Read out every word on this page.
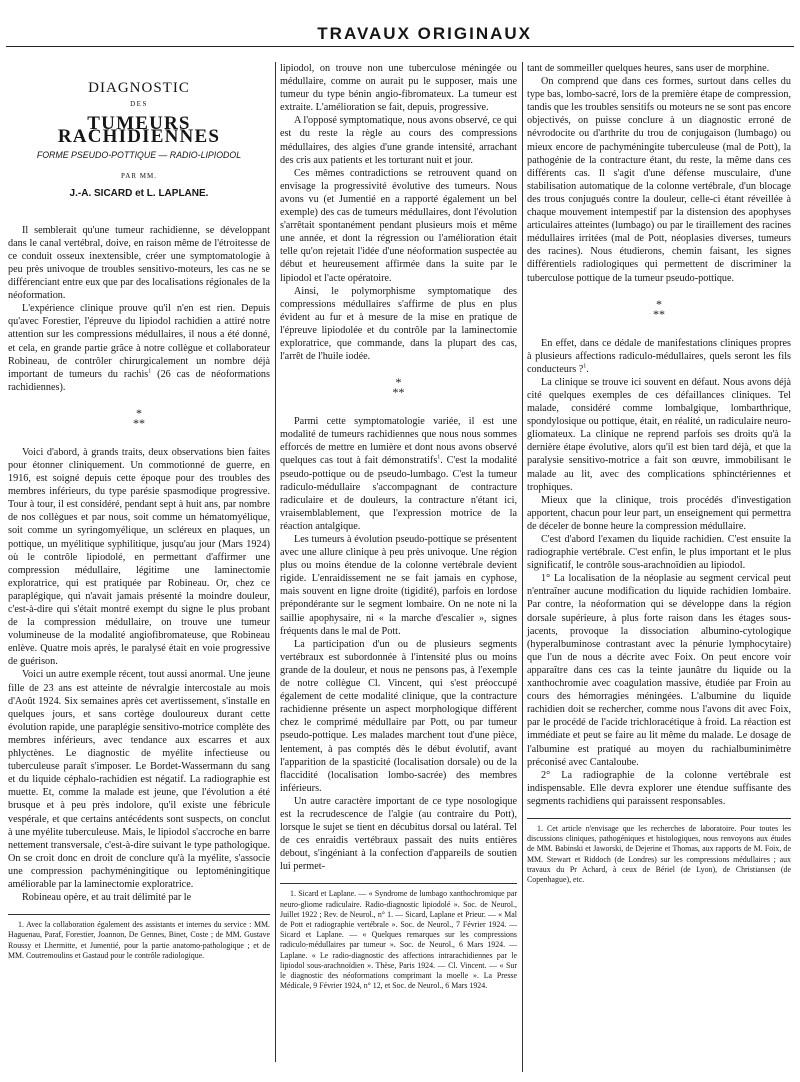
TRAVAUX ORIGINAUX
DIAGNOSTIC
DES
TUMEURS RACHIDIENNES
FORME PSEUDO-POTTIQUE — RADIO-LIPIODOL
PAR MM.
J.-A. SICARD et L. LAPLANE.

Il semblerait qu'une tumeur rachidienne, se développant dans le canal vertébral, doive, en raison même de l'étroitesse de ce conduit osseux inextensible, créer une symptomatologie à peu près univoque de troubles sensitivo-moteurs, les cas ne se différenciant entre eux que par des localisations régionales de la néoformation.

L'expérience clinique prouve qu'il n'en est rien. Depuis qu'avec Forestier, l'épreuve du lipiodol rachidien a attiré notre attention sur les compressions médullaires, il nous a été donné, et cela, en grande partie grâce à notre collègue et collaborateur Robineau, de contrôler chirurgicalement un nombre déjà important de tumeurs du rachis$^1$ (26 cas de néoformations rachidiennes).

*
**

Voici d'abord, à grands traits, deux observations bien faites pour étonner cliniquement. Un commotionné de guerre, en 1916, est soigné depuis cette époque pour des troubles des membres inférieurs, du type parésie spasmodique progressive. Tour à tour, il est considéré, pendant sept à huit ans, par nombre de nos collègues et par nous, soit comme un hématomyélique, soit comme un syringomyélique, un scléreux en plaques, un pottique, un myélitique syphilitique, jusqu'au jour (Mars 1924) où le contrôle lipiodolé, en permettant d'affirmer une compression médullaire, légitime une laminectomie exploratrice, qui est pratiquée par Robineau. Or, chez ce paraplégique, qui n'avait jamais présenté la moindre douleur, c'est-à-dire qui s'était montré exempt du signe le plus probant de la compression médullaire, on trouve une tumeur volumineuse de la modalité angiofibromateuse, que Robineau enlève. Quatre mois après, le paralysé était en voie progressive de guérison.

Voici un autre exemple récent, tout aussi anormal. Une jeune fille de 23 ans est atteinte de névralgie intercostale au mois d'Août 1924. Six semaines après cet avertissement, s'installe en quelques jours, et sans cortège douloureux durant cette évolution rapide, une paraplégie sensitivo-motrice complète des membres inférieurs, avec tendance aux escarres et aux phlyctènes. Le diagnostic de myélite infectieuse ou tuberculeuse paraît s'imposer. Le Bordet-Wassermann du sang et du liquide céphalo-rachidien est négatif. La radiographie est muette. Et, comme la malade est jeune, que l'évolution a été brusque et à peu près indolore, qu'il existe une fébricule vespérale, et que certains antécédents sont suspects, on conclut à une myélite tuberculeuse. Mais, le lipiodol s'accroche en barre nettement transversale, c'est-à-dire suivant le type pathologique. On se croit donc en droit de conclure qu'à la myélite, s'associe une compression pachyméningitique ou leptoméningitique améliorable par la laminectomie exploratrice.

Robineau opère, et au trait délimité par le

1. Avec la collaboration également des assistants et internes du service : MM. Haguenau, Paraf, Forestier, Joannon, De Gennes, Binet, Coste ; de MM. Gustave Roussy et Lhermitte, et Jumentié, pour la partie anatomo-pathologique ; et de MM. Coutremoulins et Gastaud pour le contrôle radiologique.

lipiodol, on trouve non une tuberculose méningée ou médullaire, comme on aurait pu le supposer, mais une tumeur du type bénin angio-fibromateux. La tumeur est extraite. L'amélioration se fait, depuis, progressive.

A l'opposé symptomatique, nous avons observé, ce qui est du reste la règle au cours des compressions médullaires, des algies d'une grande intensité, arrachant des cris aux patients et les torturant nuit et jour.

Ces mêmes contradictions se retrouvent quand on envisage la progressivité évolutive des tumeurs. Nous avons vu (et Jumentié en a rapporté également un bel exemple) des cas de tumeurs médullaires, dont l'évolution s'arrêtait spontanément pendant plusieurs mois et même une année, et dont la régression ou l'amélioration était telle qu'on rejetait l'idée d'une néoformation suspectée au début et heureusement affirmée dans la suite par le lipiodol et l'acte opératoire.

Ainsi, le polymorphisme symptomatique des compressions médullaires s'affirme de plus en plus évident au fur et à mesure de la mise en pratique de l'épreuve lipiodolée et du contrôle par la laminectomie exploratrice, que commande, dans la plupart des cas, l'arrêt de l'huile iodée.

*
**

Parmi cette symptomatologie variée, il est une modalité de tumeurs rachidiennes que nous nous sommes efforcés de mettre en lumière et dont nous avons observé quelques cas tout à fait démonstratifs$^1$. C'est la modalité pseudo-pottique ou de pseudo-lumbago. C'est la tumeur radiculo-médullaire s'accompagnant de contracture radiculaire et de douleurs, la contracture n'étant ici, vraisemblablement, que l'expression motrice de la réaction antalgique.

Les tumeurs à évolution pseudo-pottique se présentent avec une allure clinique à peu près univoque. Une région plus ou moins étendue de la colonne vertébrale devient rigide. L'enraidissement ne se fait jamais en cyphose, mais souvent en ligne droite (tigidité), parfois en lordose prépondérante sur le segment lombaire. On ne note ni la saillie apophysaire, ni « la marche d'escalier », signes fréquents dans le mal de Pott.

La participation d'un ou de plusieurs segments vertébraux est subordonnée à l'intensité plus ou moins grande de la douleur, et nous ne pensons pas, à l'exemple de notre collègue Cl. Vincent, qui s'est préoccupé également de cette modalité clinique, que la contracture rachidienne présente un aspect morphologique différent chez le comprimé médullaire par Pott, ou par tumeur pseudo-pottique. Les malades marchent tout d'une pièce, lentement, à pas comptés dès le début évolutif, avant l'apparition de la spasticité (localisation dorsale) ou de la flaccidité (localisation lombo-sacrée) des membres inférieurs.

Un autre caractère important de ce type nosologique est la recrudescence de l'algie (au contraire du Pott), lorsque le sujet se tient en décubitus dorsal ou latéral. Tel de ces enraidis vertébraux passait des nuits entières debout, s'ingéniant à la confection d'appareils de soutien lui permet-

1. Sicard et Laplane. — « Syndrome de lumbago xanthochromique par neuro-gliome radiculaire. Radio-diagnostic lipiodolé ». Soc. de Neurol., Juillet 1922 ; Rev. de Neurol., n° 1. — Sicard, Laplane et Prieur. — « Mal de Pott et radiographie vertébrale ». Soc. de Neurol., 7 Février 1924. — Sicard et Laplane. — « Quelques remarques sur les compressions radiculo-médullaires par tumeur ». Soc. de Neurol., 6 Mars 1924. — Laplane. « Le radio-diagnostic des affections intrarachidiennes par le lipiodol sous-arachnoïdien ». Thèse, Paris 1924. — Cl. Vincent. — « Sur le diagnostic des néoformations comprimant la moelle ». La Presse Médicale, 9 Février 1924, n° 12, et Soc. de Neurol., 6 Mars 1924.

tant de sommeiller quelques heures, sans user de morphine.

On comprend que dans ces formes, surtout dans celles du type bas, lombo-sacré, lors de la première étape de compression, tandis que les troubles sensitifs ou moteurs ne se sont pas encore objectivés, on puisse conclure à un diagnostic erroné de névrodocite ou d'arthrite du trou de conjugaison (lumbago) ou mieux encore de pachyméningite tuberculeuse (mal de Pott), la pathogénie de la contracture étant, du reste, la même dans ces différents cas. Il s'agit d'une défense musculaire, d'une stabilisation automatique de la colonne vertébrale, d'un blocage des trous conjugués contre la douleur, celle-ci étant réveillée à chaque mouvement intempestif par la distension des apophyses articulaires atteintes (lumbago) ou par le tiraillement des racines médullaires irritées (mal de Pott, néoplasies diverses, tumeurs des racines). Nous étudierons, chemin faisant, les signes différentiels radiologiques qui permettent de discriminer la tuberculose pottique de la tumeur pseudo-pottique.

*
**

En effet, dans ce dédale de manifestations cliniques propres à plusieurs affections radiculo-médullaires, quels seront les fils conducteurs ?$^1$.

La clinique se trouve ici souvent en défaut. Nous avons déjà cité quelques exemples de ces défaillances cliniques. Tel malade, considéré comme lombalgique, lombarthrique, spondylosique ou pottique, était, en réalité, un radiculaire neuro-gliomateux. La clinique ne reprend parfois ses droits qu'à la dernière étape évolutive, alors qu'il est bien tard déjà, et que la paralysie sensitivo-motrice a fait son œuvre, immobilisant le malade au lit, avec des complications sphinctériennes et trophiques.

Mieux que la clinique, trois procédés d'investigation apportent, chacun pour leur part, un enseignement qui permettra de déceler de bonne heure la compression médullaire.

C'est d'abord l'examen du liquide rachidien. C'est ensuite la radiographie vertébrale. C'est enfin, le plus important et le plus significatif, le contrôle sous-arachnoïdien au lipiodol.

1° La localisation de la néoplasie au segment cervical peut n'entraîner aucune modification du liquide rachidien lombaire. Par contre, la néoformation qui se développe dans la région dorsale supérieure, à plus forte raison dans les étages sous-jacents, provoque la dissociation albumino-cytologique (hyperalbuminose contrastant avec la pénurie lymphocytaire) que l'un de nous a décrite avec Foix. On peut encore voir apparaître dans ces cas la teinte jaunâtre du liquide ou la xanthochromie avec coagulation massive, étudiée par Froin au cours des hémorragies méningées. L'albumine du liquide rachidien doit se rechercher, comme nous l'avons dit avec Foix, par le procédé de l'acide trichloracétique à froid. La réaction est immédiate et peut se faire au lit même du malade. Le dosage de l'albumine est pratiqué au moyen du rachialbuminimètre préconisé avec Cantaloube.

2° La radiographie de la colonne vertébrale est indispensable. Elle devra explorer une étendue suffisante des segments rachidiens qui paraissent responsables.

1. Cet article n'envisage que les recherches de laboratoire. Pour toutes les discussions cliniques, pathogéniques et histologiques, nous renvoyons aux études de MM. Babinski et Jaworski, de Dejerine et Thomas, aux rapports de M. Foix, de MM. Stewart et Riddoch (de Londres) sur les compressions médullaires ; aux travaux du Pr Achard, à ceux de Bériel (de Lyon), de Christiansen (de Copenhague), etc.
